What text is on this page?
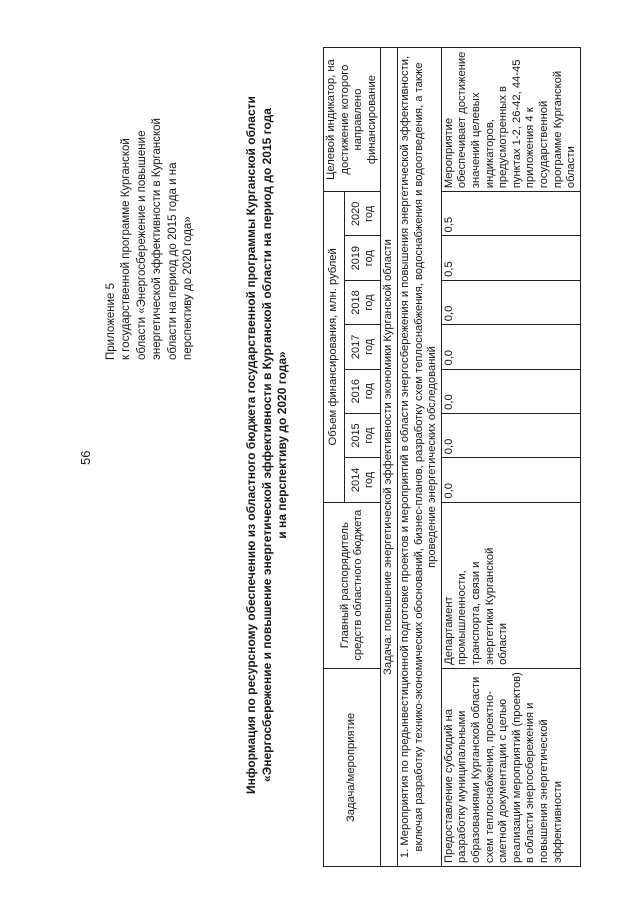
56
Приложение 5 к государственной программе Курганской области «Энергосбережение и повышение энергетической эффективности в Курганской области на период до 2015 года и на перспективу до 2020 года»	Информация по ресурсному обеспечению из областного бюджета государственной программы Курганской области «Энергосбережение и повышение энергетической эффективности в Курганской области на период до 2015 года и на перспективу до 2020 года»
Задача/мероприятие	Главный распорядитель средств областного бюджета	Объем финансирования, млн. рублей							Целевой индикатор, на достижение которого направлено финансирование
		2014 год	2015 год	2016 год	2017 год	2018 год	2019 год	2020 год	
Задача: повышение энергетической эффективности экономики Курганской области									
1. Мероприятия по предынвестиционной подготовке проектов и мероприятий в области энергосбережения и повышения энергетической эффективности, включая разработку технико-экономических обоснований, бизнес-планов, разработку схем теплоснабжения, водоснабжения и водоотведения, а также проведение энергетических обследований									
Предоставление субсидий на разработку муниципальными образованиями Курганской области схем теплоснабжения, проектно-сметной документации с целью реализации мероприятий (проектов) в области энергосбережения и повышения энергетической эффективности	Департамент промышленности, транспорта, связи и энергетики Курганской области	0,0	0,0	0,0	0,0	0,0	0,5	0,5	Мероприятие обеспечивает достижение значений целевых индикаторов, предусмотренных в пунктах 1-2, 26-42, 44-45 приложения 4 к государственной программе Курганской области
